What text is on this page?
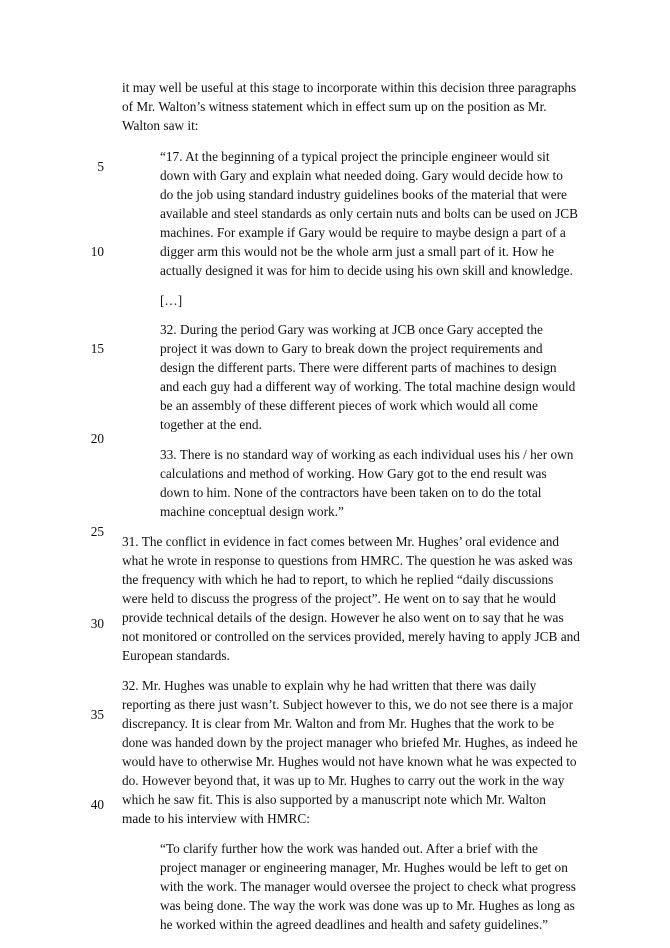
it may well be useful at this stage to incorporate within this decision three paragraphs
of Mr. Walton’s witness statement which in effect sum up on the position as Mr.
Walton saw it:
“17. At the beginning of a typical project the principle engineer would sit
down with Gary and explain what needed doing. Gary would decide how to
do the job using standard industry guidelines books of the material that were
available and steel standards as only certain nuts and bolts can be used on JCB
machines. For example if Gary would be require to maybe design a part of a
digger arm this would not be the whole arm just a small part of it. How he
actually designed it was for him to decide using his own skill and knowledge.
[…]
32. During the period Gary was working at JCB once Gary accepted the
project it was down to Gary to break down the project requirements and
design the different parts. There were different parts of machines to design
and each guy had a different way of working. The total machine design would
be an assembly of these different pieces of work which would all come
together at the end.
33. There is no standard way of working as each individual uses his / her own
calculations and method of working. How Gary got to the end result was
down to him. None of the contractors have been taken on to do the total
machine conceptual design work.”
31. The conflict in evidence in fact comes between Mr. Hughes’ oral evidence and
what he wrote in response to questions from HMRC. The question he was asked was
the frequency with which he had to report, to which he replied “daily discussions
were held to discuss the progress of the project”. He went on to say that he would
provide technical details of the design. However he also went on to say that he was
not monitored or controlled on the services provided, merely having to apply JCB and
European standards.
32. Mr. Hughes was unable to explain why he had written that there was daily
reporting as there just wasn’t. Subject however to this, we do not see there is a major
discrepancy. It is clear from Mr. Walton and from Mr. Hughes that the work to be
done was handed down by the project manager who briefed Mr. Hughes, as indeed he
would have to otherwise Mr. Hughes would not have known what he was expected to
do. However beyond that, it was up to Mr. Hughes to carry out the work in the way
which he saw fit. This is also supported by a manuscript note which Mr. Walton
made to his interview with HMRC:
“To clarify further how the work was handed out. After a brief with the
project manager or engineering manager, Mr. Hughes would be left to get on
with the work. The manager would oversee the project to check what progress
was being done. The way the work was done was up to Mr. Hughes as long as
he worked within the agreed deadlines and health and safety guidelines.”
5
10
15
20
25
30
35
40
